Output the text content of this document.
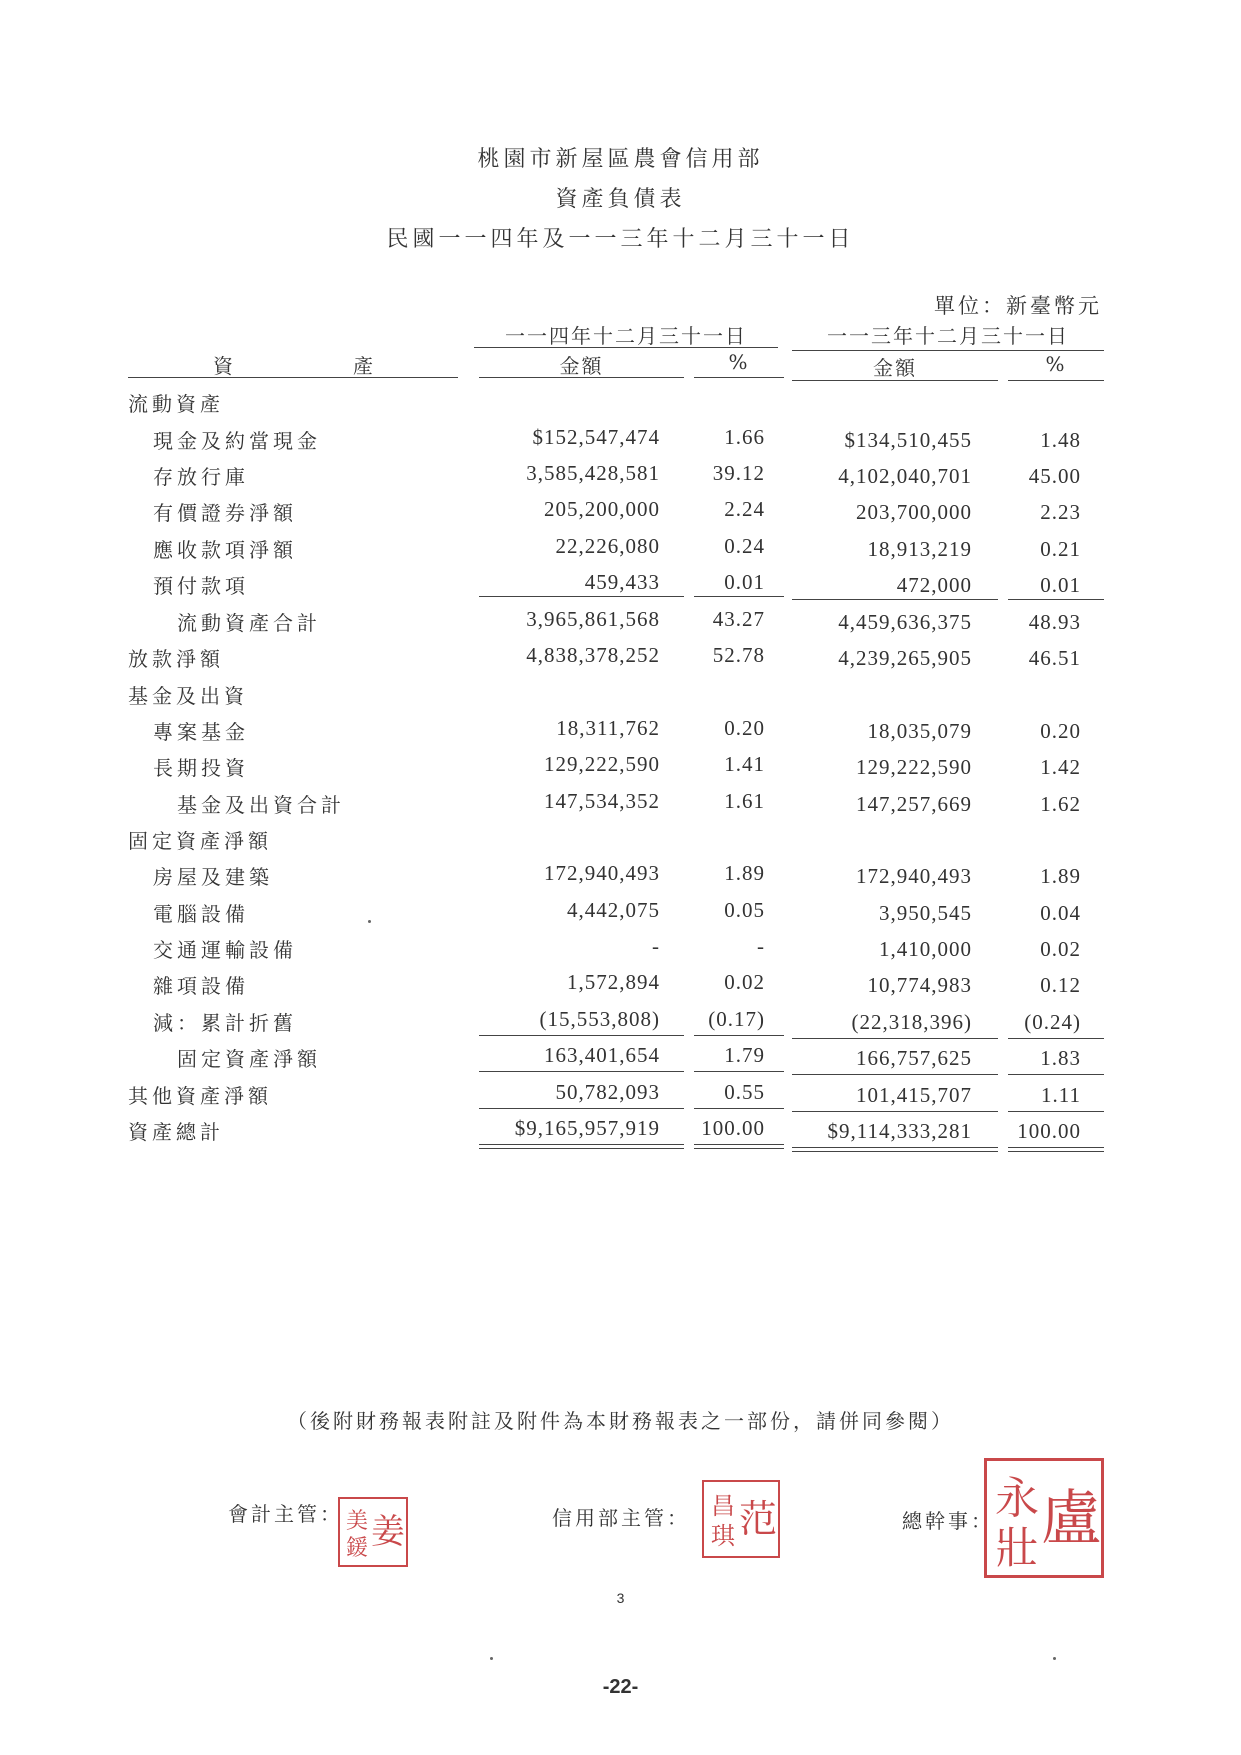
桃園市新屋區農會信用部
資產負債表
民國一一四年及一一三年十二月三十一日
單位：新臺幣元
一一四年十二月三十一日	一一三年十二月三十一日
資　　　　　　產	金額	%	金額	%
流動資產
現金及約當現金	$152,547,474	1.66	$134,510,455	1.48
存放行庫	3,585,428,581	39.12	4,102,040,701	45.00
有價證券淨額	205,200,000	2.24	203,700,000	2.23
應收款項淨額	22,226,080	0.24	18,913,219	0.21
預付款項	459,433	0.01	472,000	0.01
流動資產合計	3,965,861,568	43.27	4,459,636,375	48.93
放款淨額	4,838,378,252	52.78	4,239,265,905	46.51
基金及出資
專案基金	18,311,762	0.20	18,035,079	0.20
長期投資	129,222,590	1.41	129,222,590	1.42
基金及出資合計	147,534,352	1.61	147,257,669	1.62
固定資產淨額
房屋及建築	172,940,493	1.89	172,940,493	1.89
電腦設備	4,442,075	0.05	3,950,545	0.04
交通運輸設備	-	-	1,410,000	0.02
雜項設備	1,572,894	0.02	10,774,983	0.12
減：累計折舊	(15,553,808) (0.17)	(22,318,396) (0.24)
固定資產淨額	163,401,654	1.79	166,757,625	1.83
其他資產淨額	50,782,093	0.55	101,415,707	1.11
資產總計	$9,165,957,919 100.00	$9,114,333,281 100.00
（後附財務報表附註及附件為本財務報表之一部份，請併同參閱）
會計主管： 美
鍰 姜	信用部主管： 昌
琪 范	總幹事： 永
壯 盧
3
-22-
